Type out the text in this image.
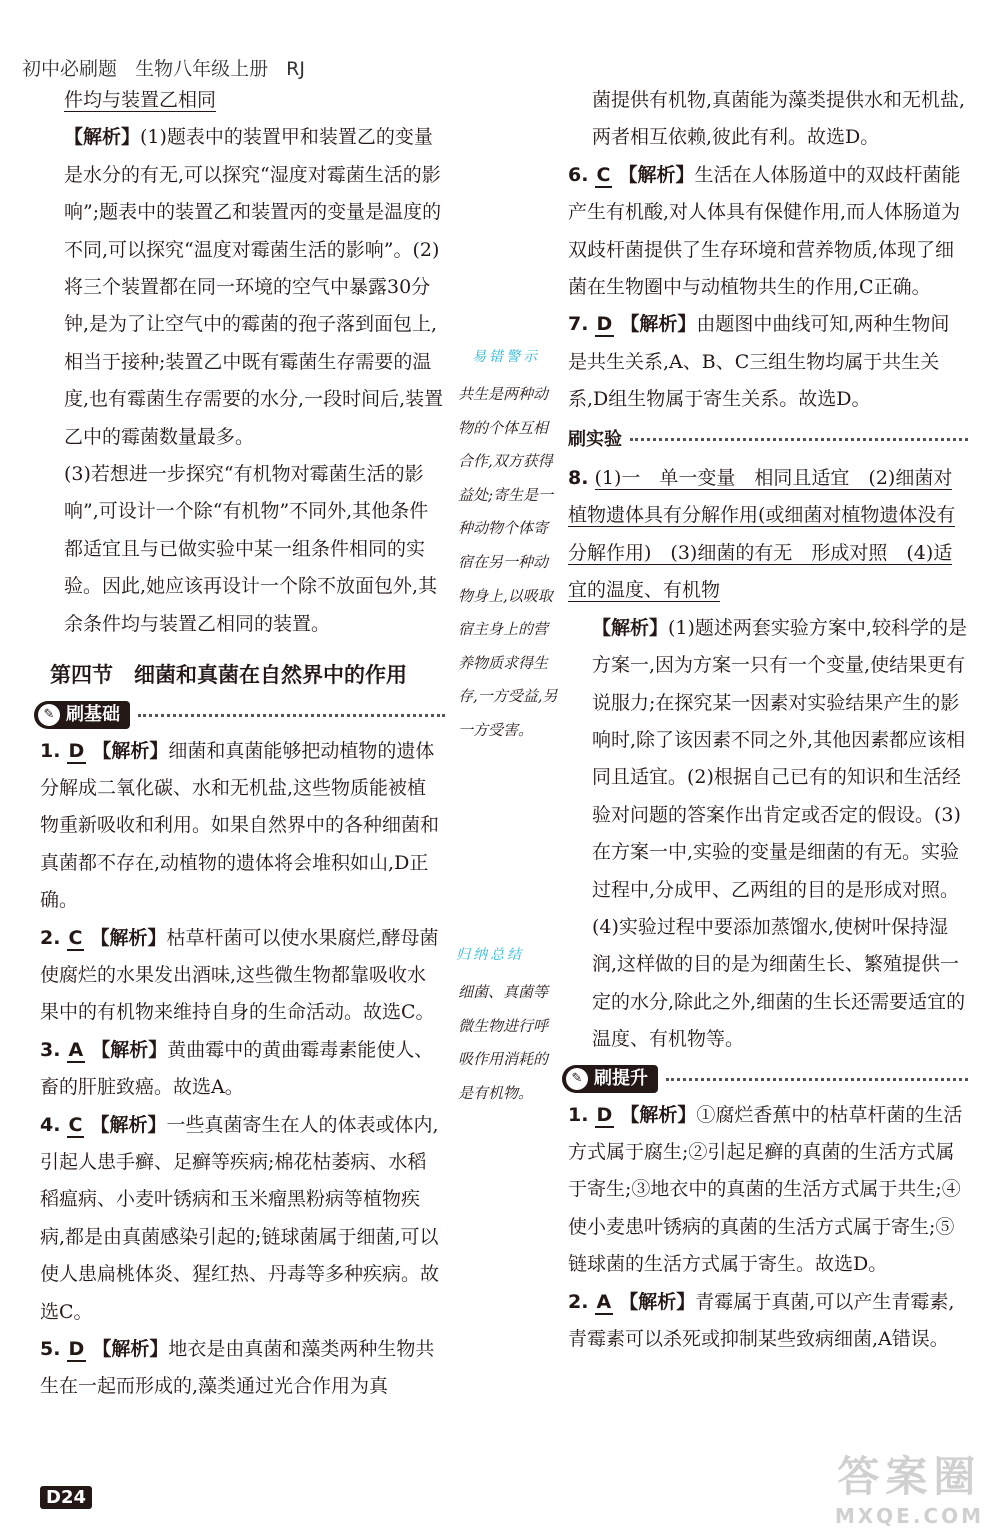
初中必刷题 生物八年级上册 RJ

件均与装置乙相同

【解析】(1)题表中的装置甲和装置乙的变量是水分的有无,可以探究“湿度对霉菌生活的影响”;题表中的装置乙和装置丙的变量是温度的不同,可以探究“温度对霉菌生活的影响”。(2)将三个装置都在同一环境的空气中暴露30分钟,是为了让空气中的霉菌的孢子落到面包上,相当于接种;装置乙中既有霉菌生存需要的温度,也有霉菌生存需要的水分,一段时间后,装置乙中的霉菌数量最多。

(3)若想进一步探究“有机物对霉菌生活的影响”,可设计一个除“有机物”不同外,其他条件都适宜且与已做实验中某一组条件相同的实验。因此,她应该再设计一个除不放面包外,其余条件均与装置乙相同的装置。

第四节　细菌和真菌在自然界中的作用
✎ 刷基础

1. D 【解析】细菌和真菌能够把动植物的遗体分解成二氧化碳、水和无机盐,这些物质能被植物重新吸收和利用。如果自然界中的各种细菌和真菌都不存在,动植物的遗体将会堆积如山,D正确。

2. C 【解析】枯草杆菌可以使水果腐烂,酵母菌使腐烂的水果发出酒味,这些微生物都靠吸收水果中的有机物来维持自身的生命活动。故选C。

3. A 【解析】黄曲霉中的黄曲霉毒素能使人、畜的肝脏致癌。故选A。

4. C 【解析】一些真菌寄生在人的体表或体内,引起人患手癣、足癣等疾病;棉花枯萎病、水稻稻瘟病、小麦叶锈病和玉米瘤黑粉病等植物疾病,都是由真菌感染引起的;链球菌属于细菌,可以使人患扁桃体炎、猩红热、丹毒等多种疾病。故选C。

5. D 【解析】地衣是由真菌和藻类两种生物共生在一起而形成的,藻类通过光合作用为真

易错警示
共生是两种动物的个体互相合作,双方获得益处;寄生是一种动物个体寄宿在另一种动物身上,以吸取宿主身上的营养物质求得生存,一方受益,另一方受害。
归纳总结
细菌、真菌等微生物进行呼吸作用消耗的是有机物。

菌提供有机物,真菌能为藻类提供水和无机盐,两者相互依赖,彼此有利。故选D。

6. C 【解析】生活在人体肠道中的双歧杆菌能产生有机酸,对人体具有保健作用,而人体肠道为双歧杆菌提供了生存环境和营养物质,体现了细菌在生物圈中与动植物共生的作用,C正确。

7. D 【解析】由题图中曲线可知,两种生物间是共生关系,A、B、C三组生物均属于共生关系,D组生物属于寄生关系。故选D。

刷实验

8. (1)一　单一变量　相同且适宜　(2)细菌对植物遗体具有分解作用(或细菌对植物遗体没有分解作用)　(3)细菌的有无　形成对照　(4)适宜的温度、有机物

【解析】(1)题述两套实验方案中,较科学的是方案一,因为方案一只有一个变量,使结果更有说服力;在探究某一因素对实验结果产生的影响时,除了该因素不同之外,其他因素都应该相同且适宜。(2)根据自己已有的知识和生活经验对问题的答案作出肯定或否定的假设。(3)在方案一中,实验的变量是细菌的有无。实验过程中,分成甲、乙两组的目的是形成对照。(4)实验过程中要添加蒸馏水,使树叶保持湿润,这样做的目的是为细菌生长、繁殖提供一定的水分,除此之外,细菌的生长还需要适宜的温度、有机物等。

✎ 刷提升

1. D 【解析】①腐烂香蕉中的枯草杆菌的生活方式属于腐生;②引起足癣的真菌的生活方式属于寄生;③地衣中的真菌的生活方式属于共生;④使小麦患叶锈病的真菌的生活方式属于寄生;⑤链球菌的生活方式属于寄生。故选D。

2. A 【解析】青霉属于真菌,可以产生青霉素,青霉素可以杀死或抑制某些致病细菌,A错误。

D24	答案圈
MXQE.COM
